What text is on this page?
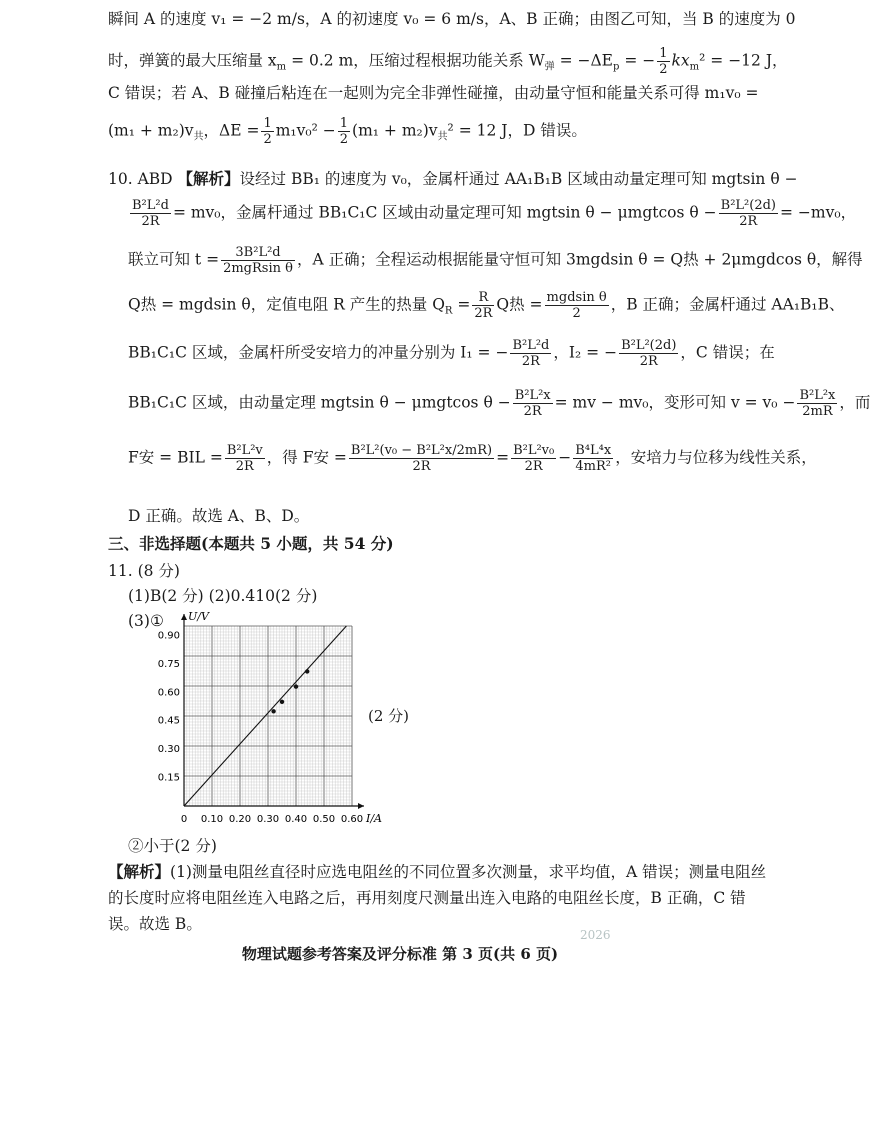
瞬间 A 的速度 v₁ = −2 m/s，A 的初速度 v₀ = 6 m/s，A、B 正确；由图乙可知，当 B 的速度为 0
时，弹簧的最大压缩量 $x_m = 0.2$ m，压缩过程根据功能关系 $W_弹 = -\Delta E_p$ = − $\frac{1}{2} kx_m^2 = -12$ J，
C 错误；若 A、B 碰撞后粘连在一起则为完全非弹性碰撞，由动量守恒和能量关系可得 m₁v₀ =
$(m_1 + m_2)v_共$，$\Delta E = \frac{1}{2} m_1v_0^2 - \frac{1}{2} (m_1 + m_2)v_共^2 = 12$ J，D 错误。
10. ABD 【解析】设经过 BB₁ 的速度为 v₀，金属杆通过 AA₁B₁B 区域由动量定理可知 mgtsin θ −
$\frac{\text{B²L²d}}{2R} = mv_0$，金属杆通过 BB₁C₁C 区域由动量定理可知 mgtsin θ − μmgtcos $\theta - \frac{\text{B²L²(2d)}}{2R} = -mv_0$，
联立可知 $t = \frac{\text{3B²L²d}}{\text{2mgRsin θ}}$ ，A 正确；全程运动根据能量守恒可知 3mgdsin θ = Q热 + 2μmgdcos θ，解得
Q热 = mgdsin θ，定值电阻 R 产生的热量 $Q_R = \frac{R}{2R}$ Q热 = $\frac{\text{mgdsin θ}}{2}$ ，B 正确；金属杆通过 AA₁B₁B、
BB₁C₁C 区域，金属杆所受安培力的冲量分别为 I₁ = − $\frac{\text{B²L²d}}{2R}$ ，I₂ = − $\frac{\text{B²L²(2d)}}{2R}$ ，C 错误；在
BB₁C₁C 区域，由动量定理 mgtsin θ − μmgtcos $\theta - \frac{\text{B²L²x}}{2R}$ = mv − mv₀，变形可知 $v = v_0 - \frac{\text{B²L²x}}{2mR}$ ，而
F安 = BIL = $\frac{\text{B²L²v}}{2R}$ ，得 F安 = $\frac{\text{B²L²(v₀ − B²L²x/2mR)}}{2R} = \frac{\text{B²L²v₀}}{2R} - \frac{\text{B⁴L⁴x}}{\text{4mR²}}$ ，安培力与位移为线性关系，
D 正确。故选 A、B、D。
三、非选择题(本题共 5 小题，共 54 分)
11. (8 分)
(1)B(2 分) (2)0.410(2 分)
(3)①
0 0.10 0.20 0.30 0.40 0.50 0.60
0.15
0.30
0.45
0.60
0.75
0.90
I/A
U/V
(2 分)
②小于(2 分)
【解析】(1)测量电阻丝直径时应选电阻丝的不同位置多次测量，求平均值，A 错误；测量电阻丝
的长度时应将电阻丝连入电路之后，再用刻度尺测量出连入电路的电阻丝长度，B 正确，C 错
误。故选 B。
2026
物理试题参考答案及评分标准 第 3 页(共 6 页)
